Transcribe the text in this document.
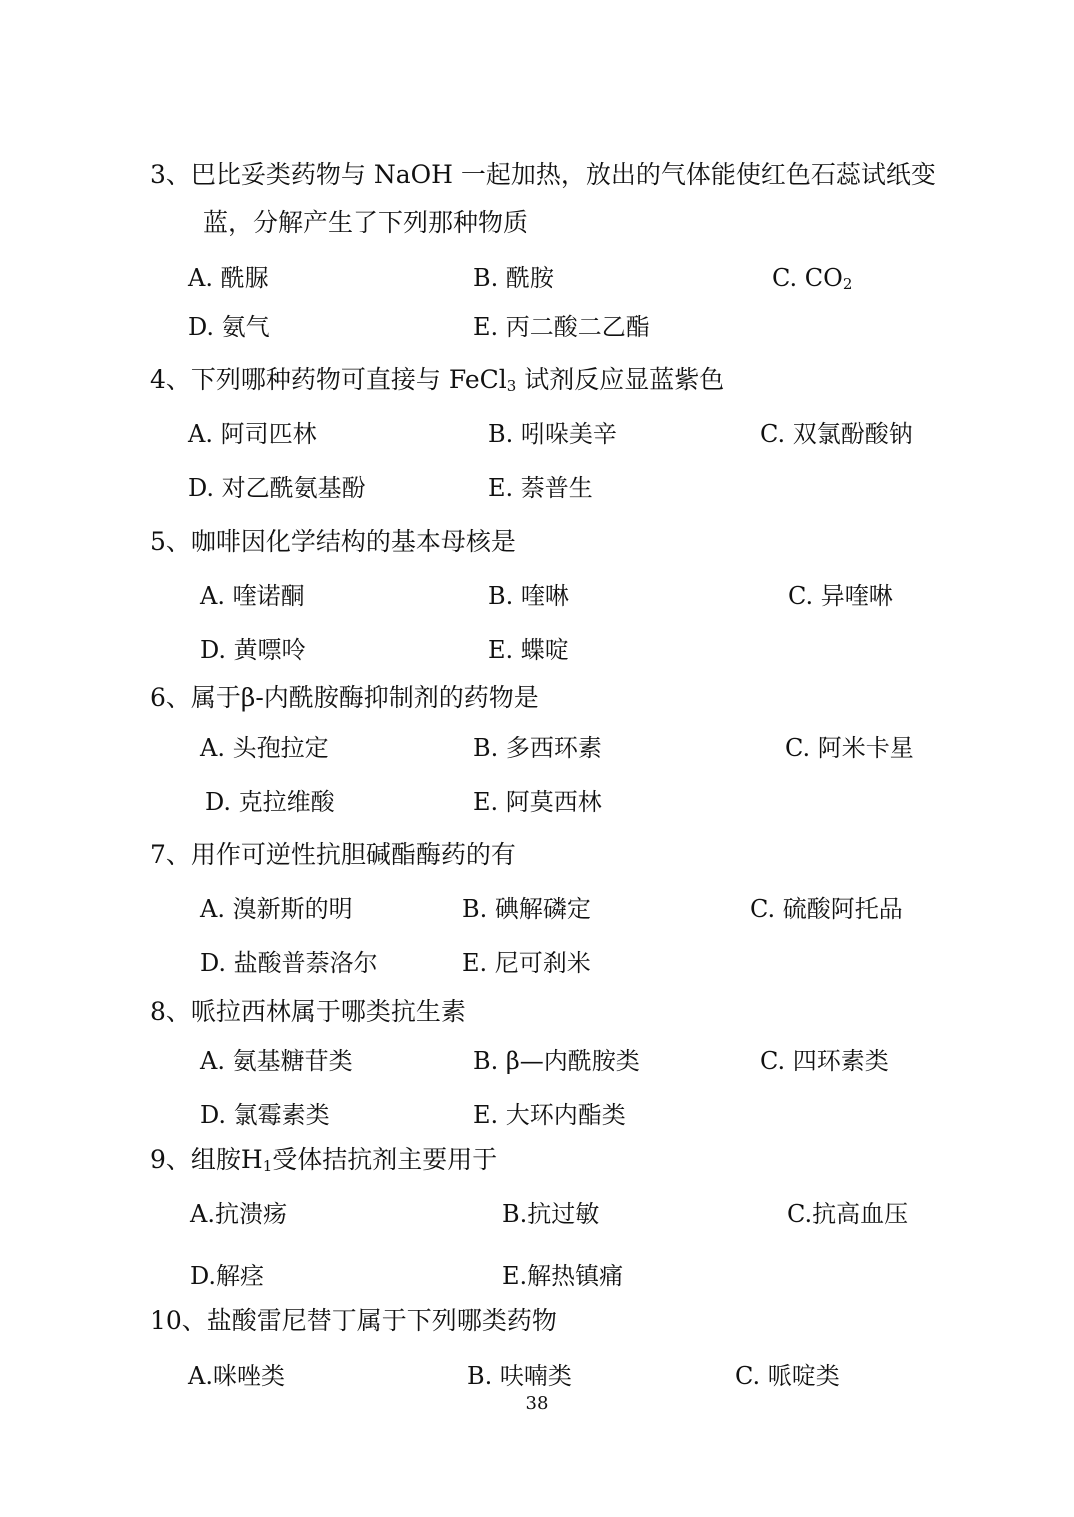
3、巴比妥类药物与 NaOH 一起加热，放出的气体能使红色石蕊试纸变
蓝，分解产生了下列那种物质
A. 酰脲	B. 酰胺	C. $CO_2$
D. 氨气	E. 丙二酸二乙酯
4、下列哪种药物可直接与 FeCl$_3$ 试剂反应显蓝紫色
A. 阿司匹林	B. 吲哚美辛	C. 双氯酚酸钠
D. 对乙酰氨基酚	E. 萘普生
5、咖啡因化学结构的基本母核是
A. 喹诺酮	B. 喹啉	C. 异喹啉
D. 黄嘌呤	E. 蝶啶
6、属于β-内酰胺酶抑制剂的药物是
A. 头孢拉定	B. 多西环素	C. 阿米卡星
D. 克拉维酸	E. 阿莫西林
7、用作可逆性抗胆碱酯酶药的有
A. 溴新斯的明	B. 碘解磷定	C. 硫酸阿托品
D. 盐酸普萘洛尔	E. 尼可刹米
8、哌拉西林属于哪类抗生素
A. 氨基糖苷类	B. β—内酰胺类	C. 四环素类
D. 氯霉素类	E. 大环内酯类
9、组胺$H_1$受体拮抗剂主要用于
A.抗溃疡	B.抗过敏	C.抗高血压
D.解痉	E.解热镇痛
10、盐酸雷尼替丁属于下列哪类药物
A.咪唑类	B. 呋喃类	C. 哌啶类
38
